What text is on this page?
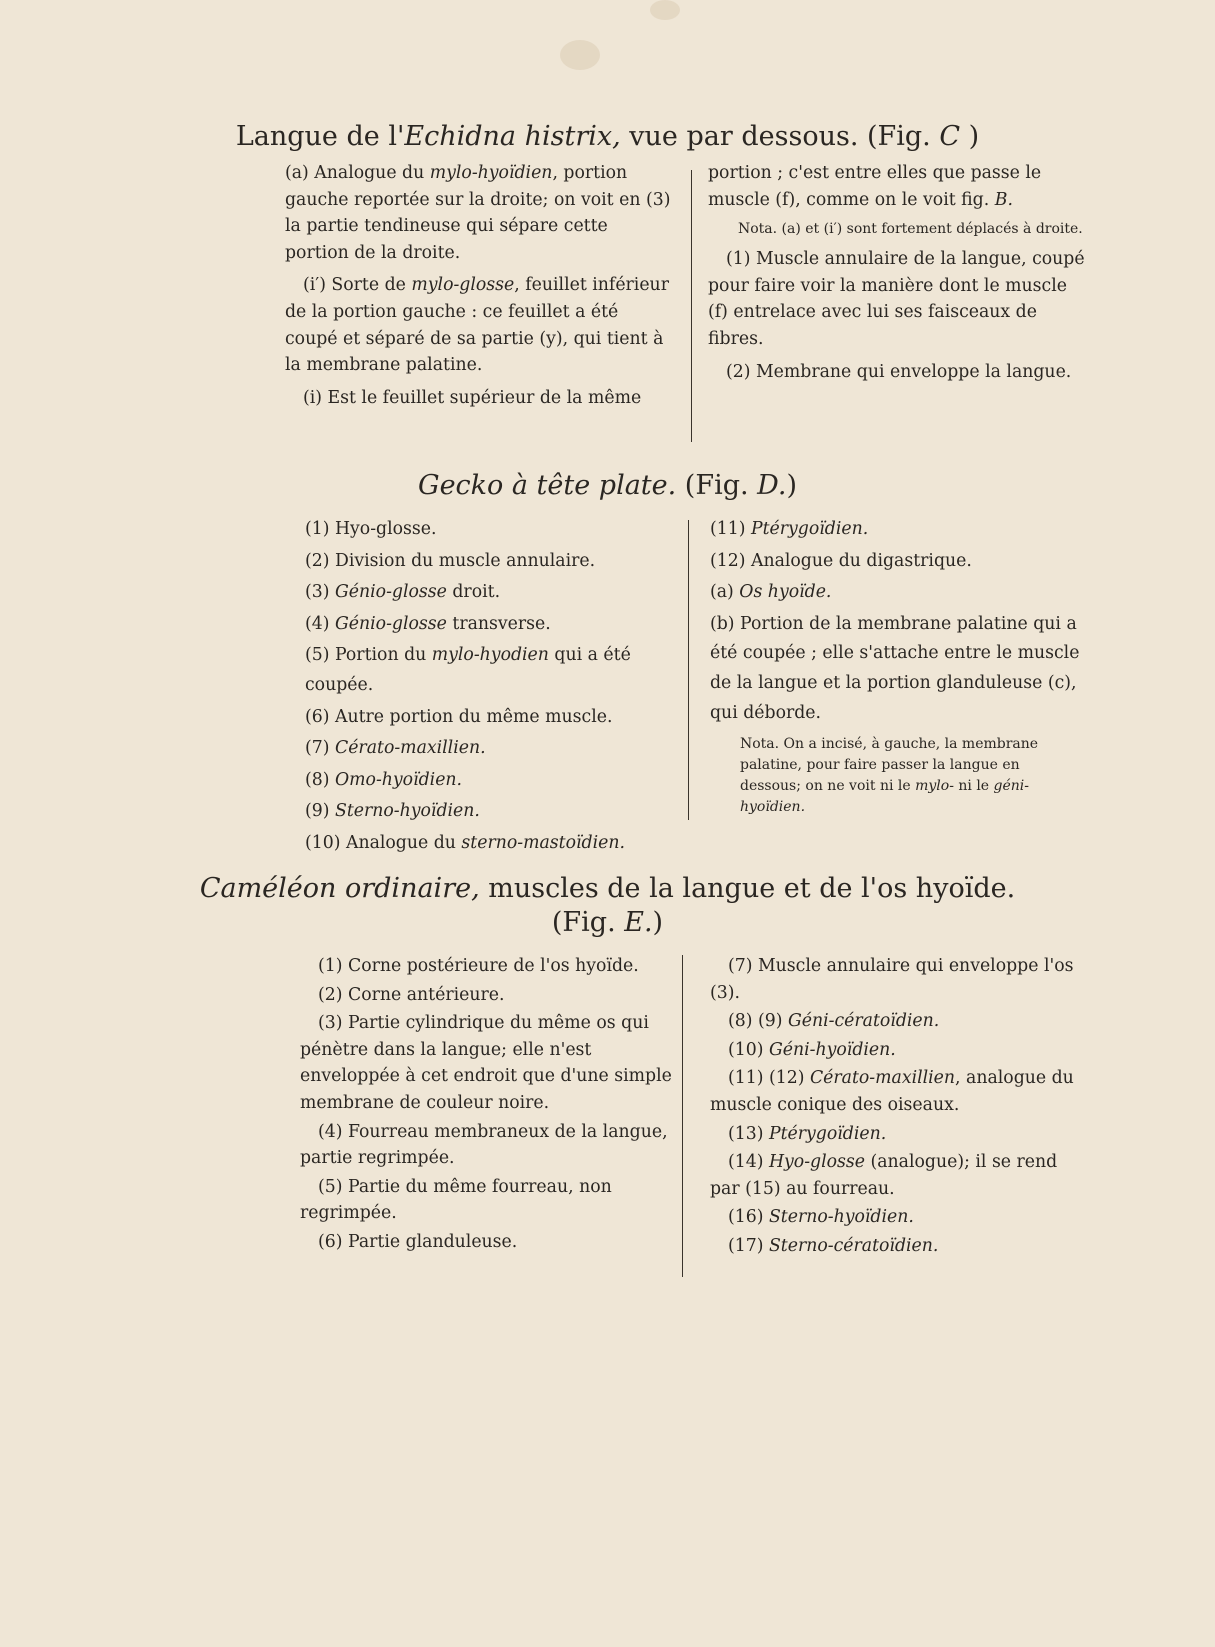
Langue de l'Echidna histrix, vue par dessous. (Fig. C )

(a) Analogue du mylo-hyoïdien, portion gauche reportée sur la droite; on voit en (3) la partie tendineuse qui sépare cette portion de la droite.

(i′) Sorte de mylo-glosse, feuillet inférieur de la portion gauche : ce feuillet a été coupé et séparé de sa partie (y), qui tient à la membrane palatine.

(i) Est le feuillet supérieur de la même

portion ; c'est entre elles que passe le muscle (f), comme on le voit fig. B.

Nota. (a) et (i′) sont fortement déplacés à droite.

(1) Muscle annulaire de la langue, coupé pour faire voir la manière dont le muscle (f) entrelace avec lui ses faisceaux de fibres.

(2) Membrane qui enveloppe la langue.

Gecko à tête plate. (Fig. D.)

(1) Hyo-glosse.

(2) Division du muscle annulaire.

(3) Génio-glosse droit.

(4) Génio-glosse transverse.

(5) Portion du mylo-hyodien qui a été coupée.

(6) Autre portion du même muscle.

(7) Cérato-maxillien.

(8) Omo-hyoïdien.

(9) Sterno-hyoïdien.

(10) Analogue du sterno-mastoïdien.

(11) Ptérygoïdien.

(12) Analogue du digastrique.

(a) Os hyoïde.

(b) Portion de la membrane palatine qui a été coupée ; elle s'attache entre le muscle de la langue et la portion glanduleuse (c), qui déborde.

Nota. On a incisé, à gauche, la membrane palatine, pour faire passer la langue en dessous; on ne voit ni le mylo- ni le géni-hyoïdien.

Caméléon ordinaire, muscles de la langue et de l'os hyoïde.
(Fig. E.)

(1) Corne postérieure de l'os hyoïde.

(2) Corne antérieure.

(3) Partie cylindrique du même os qui pénètre dans la langue; elle n'est enveloppée à cet endroit que d'une simple membrane de couleur noire.

(4) Fourreau membraneux de la langue, partie regrimpée.

(5) Partie du même fourreau, non regrimpée.

(6) Partie glanduleuse.

(7) Muscle annulaire qui enveloppe l'os (3).

(8) (9) Géni-cératoïdien.

(10) Géni-hyoïdien.

(11) (12) Cérato-maxillien, analogue du muscle conique des oiseaux.

(13) Ptérygoïdien.

(14) Hyo-glosse (analogue); il se rend par (15) au fourreau.

(16) Sterno-hyoïdien.

(17) Sterno-cératoïdien.
